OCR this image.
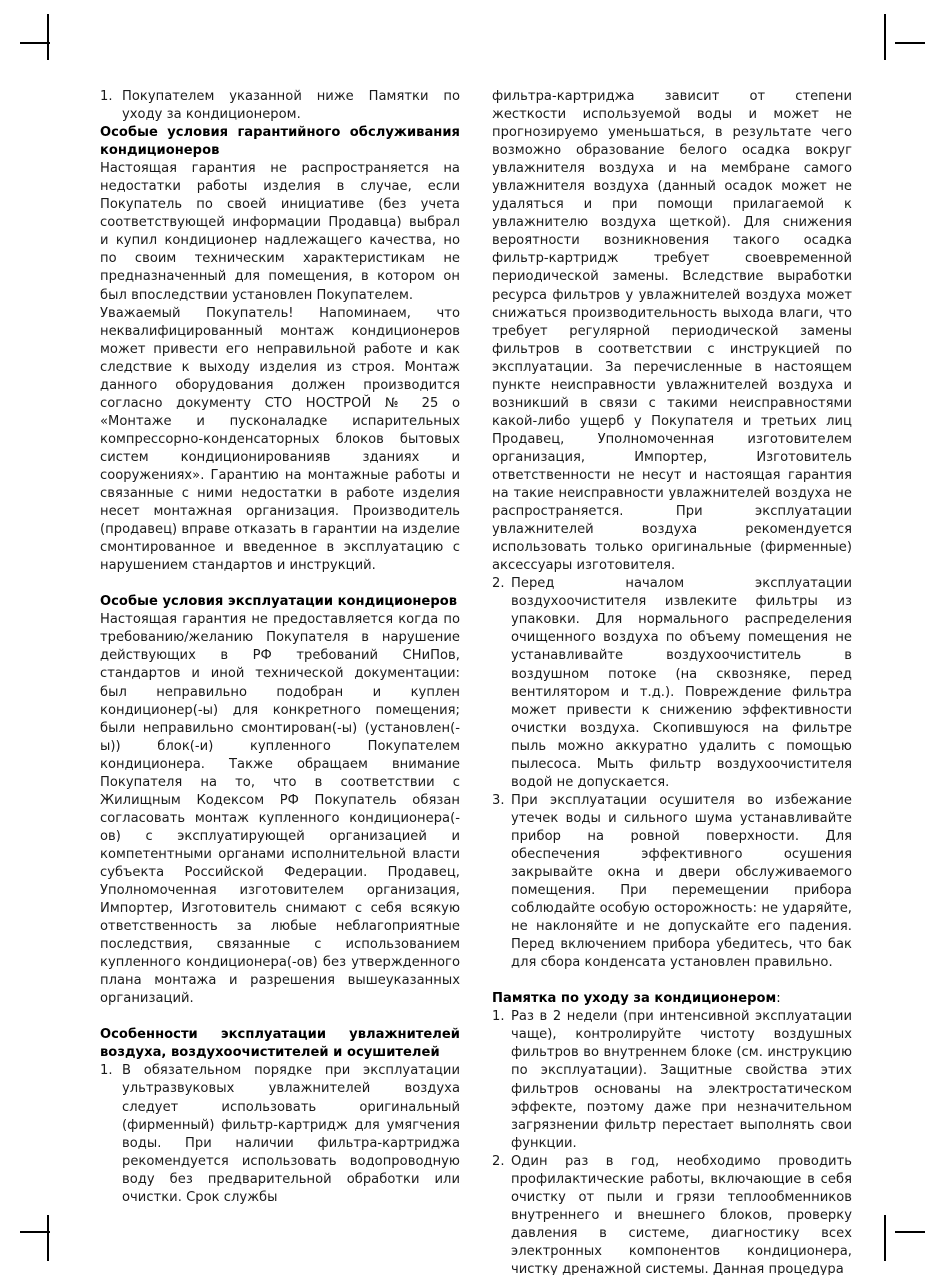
Покупателем указанной ниже Памятки по уходу за кондиционером.
Особые условия гарантийного обслуживания кондиционеров

Настоящая гарантия не распространяется на недостатки работы изделия в случае, если Покупатель по своей инициативе (без учета соответствующей информации Продавца) выбрал и купил кондиционер надлежащего качества, но по своим техническим характеристикам не предназначенный для помещения, в котором он был впоследствии установлен Покупателем.

Уважаемый Покупатель! Напоминаем, что неквалифицированный монтаж кондиционеров может привести его неправильной работе и как следствие к выходу изделия из строя. Монтаж данного оборудования должен производится согласно документу СТО НОСТРОЙ № 25 о «Монтаже и пусконаладке испарительных компрессорно-конденсаторных блоков бытовых систем кондиционированияв зданиях и сооружениях». Гарантию на монтажные работы и связанные с ними недостатки в работе изделия несет монтажная организация. Производитель (продавец) вправе отказать в гарантии на изделие смонтированное и введенное в эксплуатацию с нарушением стандартов и инструкций.

Особые условия эксплуатации кондиционеров

Настоящая гарантия не предоставляется когда по требованию/желанию Покупателя в нарушение действующих в РФ требований СНиПов, стандартов и иной технической документации: был неправильно подобран и куплен кондиционер(-ы) для конкретного помещения; были неправильно смонтирован(-ы) (установлен(-ы)) блок(-и) купленного Покупателем кондиционера. Также обращаем внимание Покупателя на то, что в соответствии с Жилищным Кодексом РФ Покупатель обязан согласовать монтаж купленного кондиционера(-ов) с эксплуатирующей организацией и компетентными органами исполнительной власти субъекта Российской Федерации. Продавец, Уполномоченная изготовителем организация, Импортер, Изготовитель снимают с себя всякую ответственность за любые неблагоприятные последствия, связанные с использованием купленного кондиционера(-ов) без утвержденного плана монтажа и разрешения вышеуказанных организаций.

Особенности эксплуатации увлажнителей воздуха, воздухоочистителей и осушителей
В обязательном порядке при эксплуатации ультразвуковых увлажнителей воздуха следует использовать оригинальный (фирменный) фильтр-картридж для умягчения воды. При наличии фильтра-картриджа рекомендуется использовать водопроводную воду без предварительной обработки или очистки. Срок службы

фильтра-картриджа зависит от степени жесткости используемой воды и может не прогнозируемо уменьшаться, в результате чего возможно образование белого осадка вокруг увлажнителя воздуха и на мембране самого увлажнителя воздуха (данный осадок может не удаляться и при помощи прилагаемой к увлажнителю воздуха щеткой). Для снижения вероятности возникновения такого осадка фильтр-картридж требует своевременной периодической замены. Вследствие выработки ресурса фильтров у увлажнителей воздуха может снижаться производительность выхода влаги, что требует регулярной периодической замены фильтров в соответствии с инструкцией по эксплуатации. За перечисленные в настоящем пункте неисправности увлажнителей воздуха и возникший в связи с такими неисправностями какой-либо ущерб у Покупателя и третьих лиц Продавец, Уполномоченная изготовителем организация, Импортер, Изготовитель ответственности не несут и настоящая гарантия на такие неисправности увлажнителей воздуха не распространяется. При эксплуатации увлажнителей воздуха рекомендуется использовать только оригинальные (фирменные) аксессуары изготовителя.

Перед началом эксплуатации воздухоочистителя извлеките фильтры из упаковки. Для нормального распределения очищенного воздуха по объему помещения не устанавливайте воздухоочиститель в воздушном потоке (на сквозняке, перед вентилятором и т.д.). Повреждение фильтра может привести к снижению эффективности очистки воздуха. Скопившуюся на фильтре пыль можно аккуратно удалить с помощью пылесоса. Мыть фильтр воздухоочистителя водой не допускается.
При эксплуатации осушителя во избежание утечек воды и сильного шума устанавливайте прибор на ровной поверхности. Для обеспечения эффективного осушения закрывайте окна и двери обслуживаемого помещения. При перемещении прибора соблюдайте особую осторожность: не ударяйте, не наклоняйте и не допускайте его падения. Перед включением прибора убедитесь, что бак для сбора конденсата установлен правильно.
Памятка по уходу за кондиционером:
Раз в 2 недели (при интенсивной эксплуатации чаще), контролируйте чистоту воздушных фильтров во внутреннем блоке (см. инструкцию по эксплуатации). Защитные свойства этих фильтров основаны на электростатическом эффекте, поэтому даже при незначительном загрязнении фильтр перестает выполнять свои функции.
Один раз в год, необходимо проводить профилактические работы, включающие в себя очистку от пыли и грязи теплообменников внутреннего и внешнего блоков, проверку давления в системе, диагностику всех электронных компонентов кондиционера, чистку дренажной системы. Данная процедура
